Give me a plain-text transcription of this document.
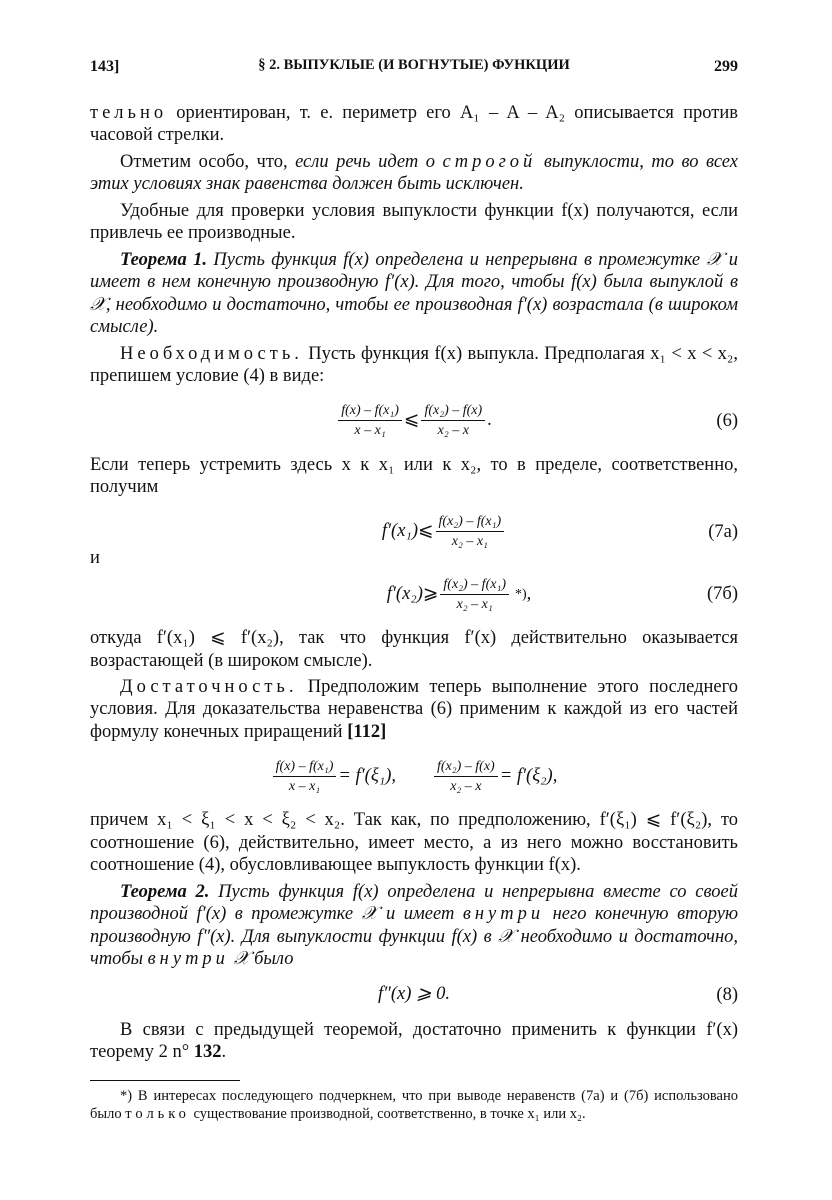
143]	§ 2. ВЫПУКЛЫЕ (И ВОГНУТЫЕ) ФУНКЦИИ	299

тельно ориентирован, т. е. периметр его A₁ – A – A₂ описывается против часовой стрелки.

Отметим особо, что, если речь идет о строгой выпуклости, то во всех этих условиях знак равенства должен быть исключен.

Удобные для проверки условия выпуклости функции f(x) получаются, если привлечь ее производные.

Теорема 1. Пусть функция f(x) определена и непрерывна в промежутке 𝒳 и имеет в нем конечную производную f′(x). Для того, чтобы f(x) была выпуклой в 𝒳, необходимо и достаточно, чтобы ее производная f′(x) возрастала (в широком смысле).

Необходимость. Пусть функция f(x) выпукла. Предполагая x₁ < x < x₂, препишем условие (4) в виде:

$\frac{\text{f(x) – f(x₁)}}{\text{x – x₁}}$ ⩽ $\frac{\text{f(x₂) – f(x)}}{\text{x₂ – x}}$ .	(6)

Если теперь устремить здесь x к x₁ или к x₂, то в пределе, соответственно, получим

f′(x₁) ⩽ $\frac{\text{f(x₂) – f(x₁)}}{\text{x₂ – x₁}}$	(7а)

и

f′(x₂) ⩾ $\frac{\text{f(x₂) – f(x₁)}}{\text{x₂ – x₁}}$ *) ,	(7б)

откуда f′(x₁) ⩽ f′(x₂), так что функция f′(x) действительно оказывается возрастающей (в широком смысле).

Достаточность. Предположим теперь выполнение этого последнего условия. Для доказательства неравенства (6) применим к каждой из его частей формулу конечных приращений [112]

$\frac{\text{f(x) – f(x₁)}}{\text{x – x₁}} = f'(\xi_1)$,	$\frac{\text{f(x₂) – f(x)}}{\text{x₂ – x}} = f'(\xi_2)$,

причем x₁ < ξ₁ < x < ξ₂ < x₂. Так как, по предположению, f′(ξ₁) ⩽ f′(ξ₂), то соотношение (6), действительно, имеет место, а из него можно восстановить соотношение (4), обусловливающее выпуклость функции f(x).

Теорема 2. Пусть функция f(x) определена и непрерывна вместе со своей производной f′(x) в промежутке 𝒳 и имеет внутри него конечную вторую производную f″(x). Для выпуклости функции f(x) в 𝒳 необходимо и достаточно, чтобы внутри 𝒳 было

f″(x) ⩾ 0.	(8)

В связи с предыдущей теоремой, достаточно применить к функции f′(x) теорему 2 n° 132.

*) В интересах последующего подчеркнем, что при выводе неравенств (7а) и (7б) использовано было только существование производной, соответственно, в точке x₁ или x₂.
